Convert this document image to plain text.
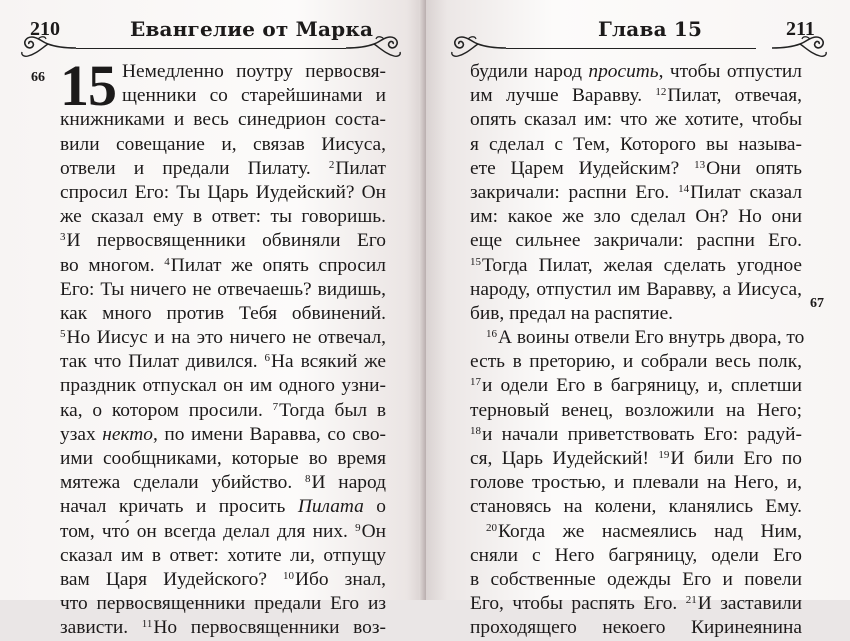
210	Евангелие от Марка
66 15 Немедленно поутру первосвя-
щенники со старейшинами и
книжниками и весь синедрион соста-
вили совещание и, связав Иисуса,
отвели и предали Пилату. $^2$Пилат
спросил Его: Ты Царь Иудейский? Он
же сказал ему в ответ: ты говоришь.
$^3$И первосвященники обвиняли Его
во многом. $^4$Пилат же опять спросил
Его: Ты ничего не отвечаешь? видишь,
как много против Тебя обвинений.
$^5$Но Иисус и на это ничего не отвечал,
так что Пилат дивился. $^6$На всякий же
праздник отпускал он им одного узни-
ка, о котором просили. $^7$Тогда был в
узах некто, по имени Варавва, со сво-
ими сообщниками, которые во время
мятежа сделали убийство. $^8$И народ
начал кричать и просить Пилата о
том, что́ он всегда делал для них. $^9$Он
сказал им в ответ: хотите ли, отпущу
вам Царя Иудейского? $^{10}$Ибо знал,
что первосвященники предали Его из
зависти. $^{11}$Но первосвященники воз-
Глава 15	211
67
будили народ просить, чтобы отпустил
им лучше Варавву. $^{12}$Пилат, отвечая,
опять сказал им: что же хотите, чтобы
я сделал с Тем, Которого вы называ-
ете Царем Иудейским? $^{13}$Они опять
закричали: распни Его. $^{14}$Пилат сказал
им: какое же зло сделал Он? Но они
еще сильнее закричали: распни Его.
$^{15}$Тогда Пилат, желая сделать угодное
народу, отпустил им Варавву, а Иисуса,
бив, предал на распятие.
$^{16}$А воины отвели Его внутрь двора, то
есть в преторию, и собрали весь полк,
$^{17}$и одели Его в багряницу, и, сплетши
терновый венец, возложили на Него;
$^{18}$и начали приветствовать Его: радуй-
ся, Царь Иудейский! $^{19}$И били Его по
голове тростью, и плевали на Него, и,
становясь на колени, кланялись Ему.
$^{20}$Когда же насмеялись над Ним,
сняли с Него багряницу, одели Его
в собственные одежды Его и повели
Его, чтобы распять Его. $^{21}$И заставили
проходящего некоего Киринеянина
